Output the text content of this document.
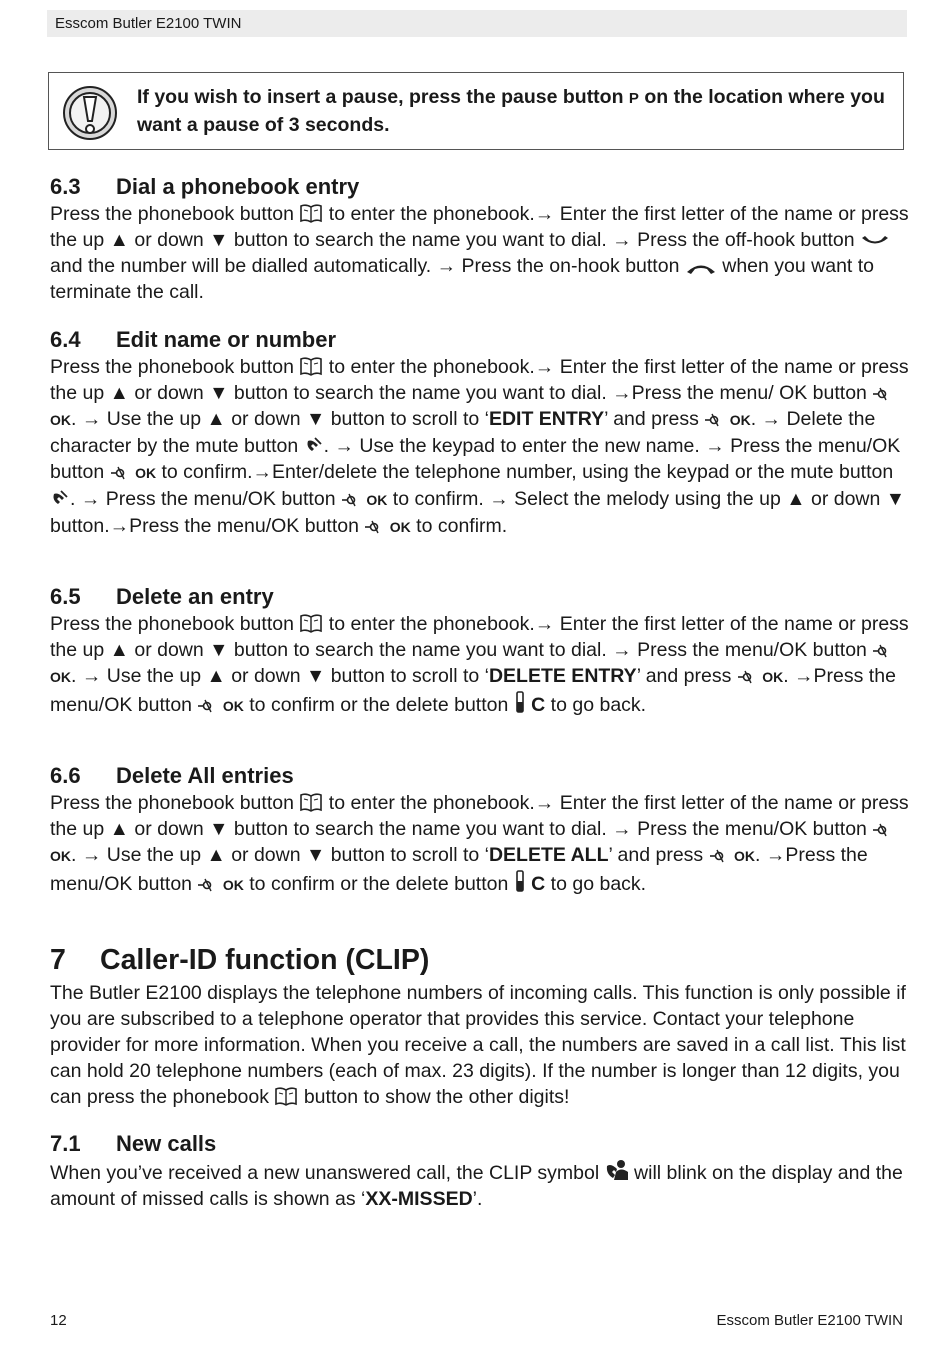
Esscom Butler E2100 TWIN
If you wish to insert a pause, press the pause button P on the location where you want a pause of 3 seconds.
6.3 Dial a phonebook entry

Press the phonebook button  to enter the phonebook.→ Enter the first letter of the name or press the up ▲ or down ▼ button to search the name you want to dial. → Press the off-hook button  and the number will be dialled automatically. → Press the on-hook button  when you want to terminate the call.

6.4 Edit name or number

Press the phonebook button  to enter the phonebook.→ Enter the first letter of the name or press the up ▲ or down ▼ button to search the name you want to dial. →Press the menu/ OK button  OK. → Use the up ▲ or down ▼ button to scroll to ‘EDIT ENTRY’ and press  OK. → Delete the character by the mute button . → Use the keypad to enter the new name. → Press the menu/OK button  OK to confirm.→Enter/delete the telephone number, using the keypad or the mute button . → Press the menu/OK button  OK to confirm. → Select the melody using the up ▲ or down ▼ button.→Press the menu/OK button  OK to confirm.

6.5 Delete an entry

Press the phonebook button  to enter the phonebook.→ Enter the first letter of the name or press the up ▲ or down ▼ button to search the name you want to dial. → Press the menu/OK button  OK. → Use the up ▲ or down ▼ button to scroll to ‘DELETE ENTRY’ and press  OK. →Press the menu/OK button  OK to confirm or the delete button  C to go back.

6.6 Delete All entries

Press the phonebook button  to enter the phonebook.→ Enter the first letter of the name or press the up ▲ or down ▼ button to search the name you want to dial. → Press the menu/OK button  OK. → Use the up ▲ or down ▼ button to scroll to ‘DELETE ALL’ and press  OK. →Press the menu/OK button  OK to confirm or the delete button  C to go back.

7 Caller-ID function (CLIP)

The Butler E2100 displays the telephone numbers of incoming calls. This function is only possible if you are subscribed to a telephone operator that provides this service. Contact your telephone provider for more information. When you receive a call, the numbers are saved in a call list. This list can hold 20 telephone numbers (each of max. 23 digits). If the number is longer than 12 digits, you can press the phonebook  button to show the other digits!

7.1 New calls

When you’ve received a new unanswered call, the CLIP symbol  will blink on the display and the amount of missed calls is shown as ‘XX-MISSED’.

12	Esscom Butler E2100 TWIN
